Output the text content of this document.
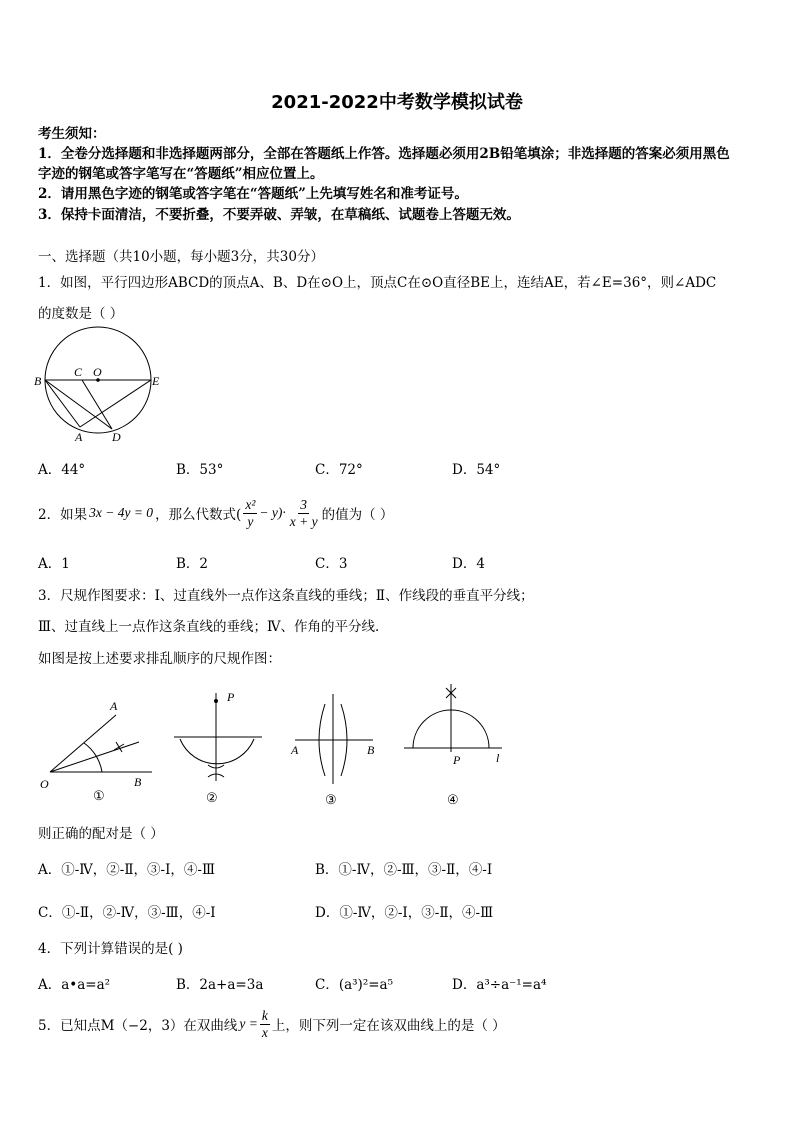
2021-2022中考数学模拟试卷
考生须知：
1．全卷分选择题和非选择题两部分，全部在答题纸上作答。选择题必须用2B铅笔填涂；非选择题的答案必须用黑色
字迹的钢笔或答字笔写在“答题纸”相应位置上。
2．请用黑色字迹的钢笔或答字笔在“答题纸”上先填写姓名和准考证号。
3．保持卡面清洁，不要折叠，不要弄破、弄皱，在草稿纸、试题卷上答题无效。
一、选择题（共10小题，每小题3分，共30分）
1．如图，平行四边形ABCD的顶点A、B、D在⊙O上，顶点C在⊙O直径BE上，连结AE，若∠E=36°，则∠ADC
的度数是（ ）
B
C O
E
A D
A．44°	B．53°	C．72°	D．54°
2．如果 3x − 4y = 0 ，那么代数式( $\frac{\text{x²}}{y} - y)\cdot \frac{3}{x + y}$ 的值为（ ）
A．1	B．2	C．3	D．4
3．尺规作图要求：Ⅰ、过直线外一点作这条直线的垂线；Ⅱ、作线段的垂直平分线；
Ⅲ、过直线上一点作这条直线的垂线；Ⅳ、作角的平分线．
如图是按上述要求排乱顺序的尺规作图：
A
O	B
①
P
②
A	B
③
P	l
④
则正确的配对是（ ）
A．①-Ⅳ，②-Ⅱ，③-Ⅰ，④-Ⅲ	B．①-Ⅳ，②-Ⅲ，③-Ⅱ，④-Ⅰ
C．①-Ⅱ，②-Ⅳ，③-Ⅲ，④-Ⅰ	D．①-Ⅳ，②-Ⅰ，③-Ⅱ，④-Ⅲ
4．下列计算错误的是( )
A．a•a=a²	B．2a+a=3a	C．(a³)²=a⁵	D．a³÷a⁻¹=a⁴
5．已知点M（−2，3）在双曲线 $y = \frac{k}{x}$ 上，则下列一定在该双曲线上的是（ ）
